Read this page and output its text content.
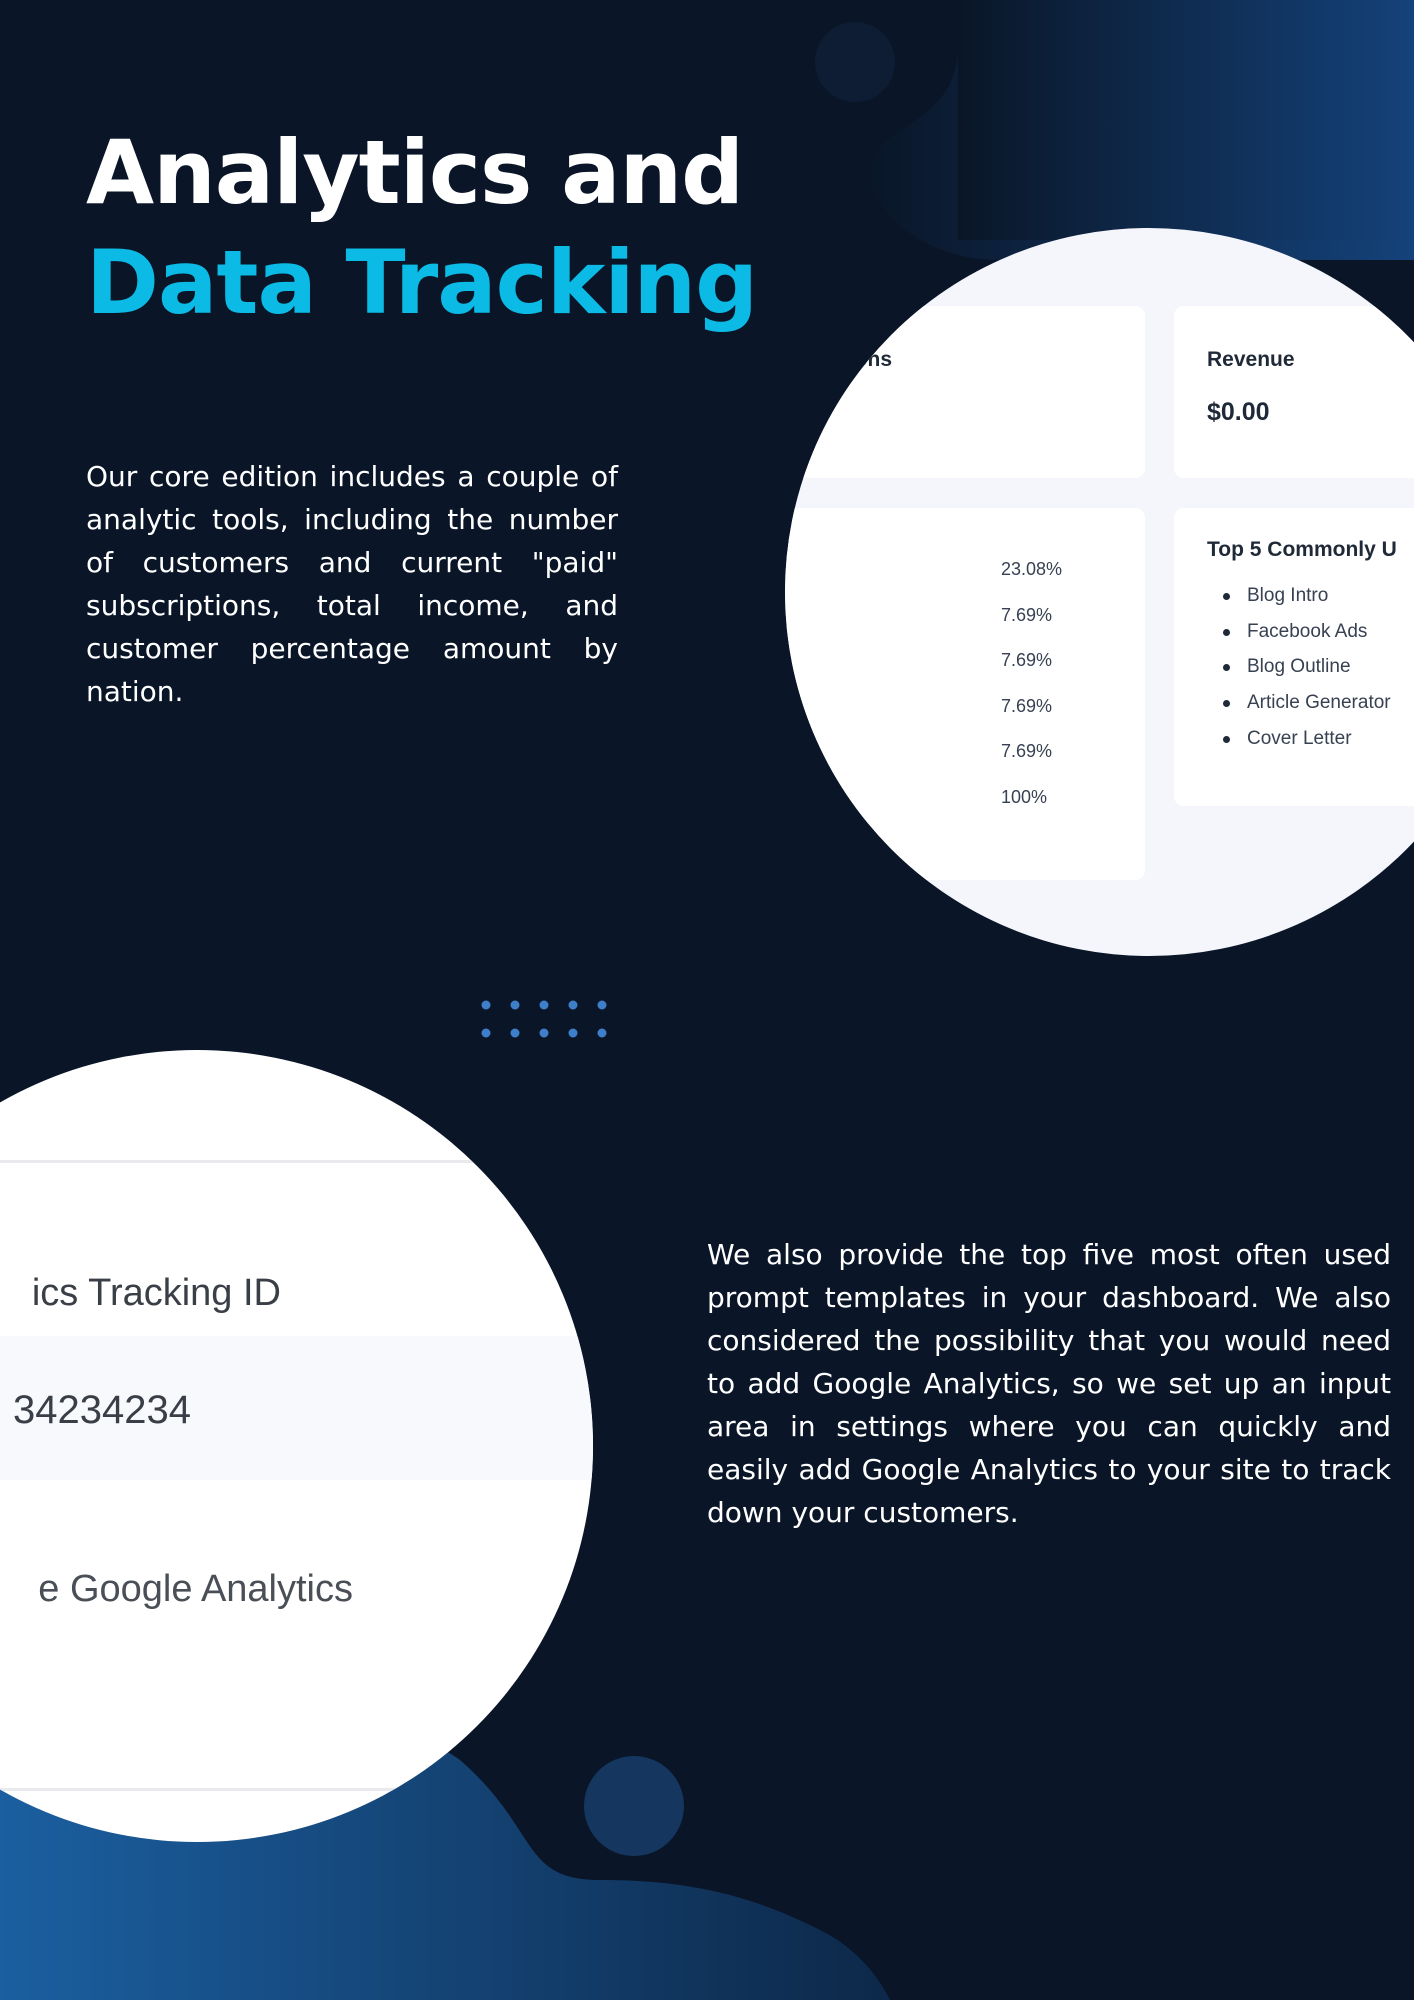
Analytics and
Data Tracking

Our core edition includes a couple of analytic tools, including the number of customers and current "paid" subscriptions, total income, and customer percentage amount by nation.

riptions	Revenue
$0.00
23.08%
7.69%
7.69%
7.69%
7.69%
100%
Top 5 Commonly U
Blog Intro
Facebook Ads
Blog Outline
Article Generator
Cover Letter
ics Tracking ID
34234234
e Google Analytics

We also provide the top five most often used prompt templates in your dashboard. We also considered the possibility that you would need to add Google Analytics, so we set up an input area in settings where you can quickly and easily add Google Analytics to your site to track down your customers.
